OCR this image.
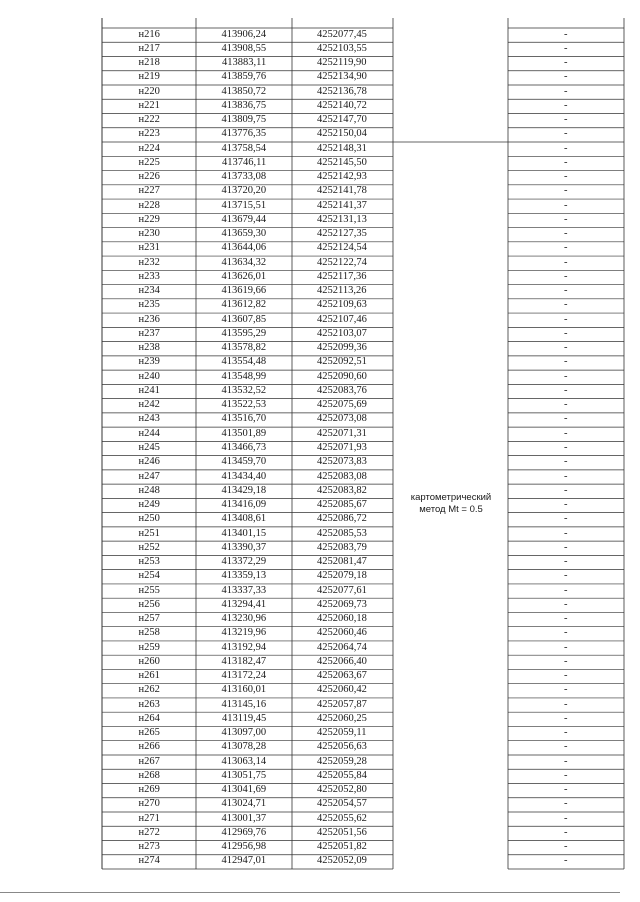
н216	413906,24	4252077,45	-
н217	413908,55	4252103,55	-
н218	413883,11	4252119,90	-
н219	413859,76	4252134,90	-
н220	413850,72	4252136,78	-
н221	413836,75	4252140,72	-
н222	413809,75	4252147,70	-
н223	413776,35	4252150,04	-
н224	413758,54	4252148,31	-
н225	413746,11	4252145,50	-
н226	413733,08	4252142,93	-
н227	413720,20	4252141,78	-
н228	413715,51	4252141,37	-
н229	413679,44	4252131,13	-
н230	413659,30	4252127,35	-
н231	413644,06	4252124,54	-
н232	413634,32	4252122,74	-
н233	413626,01	4252117,36	-
н234	413619,66	4252113,26	-
н235	413612,82	4252109,63	-
н236	413607,85	4252107,46	-
н237	413595,29	4252103,07	-
н238	413578,82	4252099,36	-
н239	413554,48	4252092,51	-
н240	413548,99	4252090,60	-
н241	413532,52	4252083,76	-
н242	413522,53	4252075,69	-
н243	413516,70	4252073,08	-
н244	413501,89	4252071,31	-
н245	413466,73	4252071,93	-
н246	413459,70	4252073,83	-
н247	413434,40	4252083,08	-
н248	413429,18	4252083,82	-
н249	413416,09	4252085,67	-
н250	413408,61	4252086,72	-
н251	413401,15	4252085,53	-
н252	413390,37	4252083,79	-
н253	413372,29	4252081,47	-
н254	413359,13	4252079,18	-
н255	413337,33	4252077,61	-
н256	413294,41	4252069,73	-
н257	413230,96	4252060,18	-
н258	413219,96	4252060,46	-
н259	413192,94	4252064,74	-
н260	413182,47	4252066,40	-
н261	413172,24	4252063,67	-
н262	413160,01	4252060,42	-
н263	413145,16	4252057,87	-
н264	413119,45	4252060,25	-
н265	413097,00	4252059,11	-
н266	413078,28	4252056,63	-
н267	413063,14	4252059,28	-
н268	413051,75	4252055,84	-
н269	413041,69	4252052,80	-
н270	413024,71	4252054,57	-
н271	413001,37	4252055,62	-
н272	412969,76	4252051,56	-
н273	412956,98	4252051,82	-
н274	412947,01	4252052,09	-
картометрический
метод Mt = 0.5
